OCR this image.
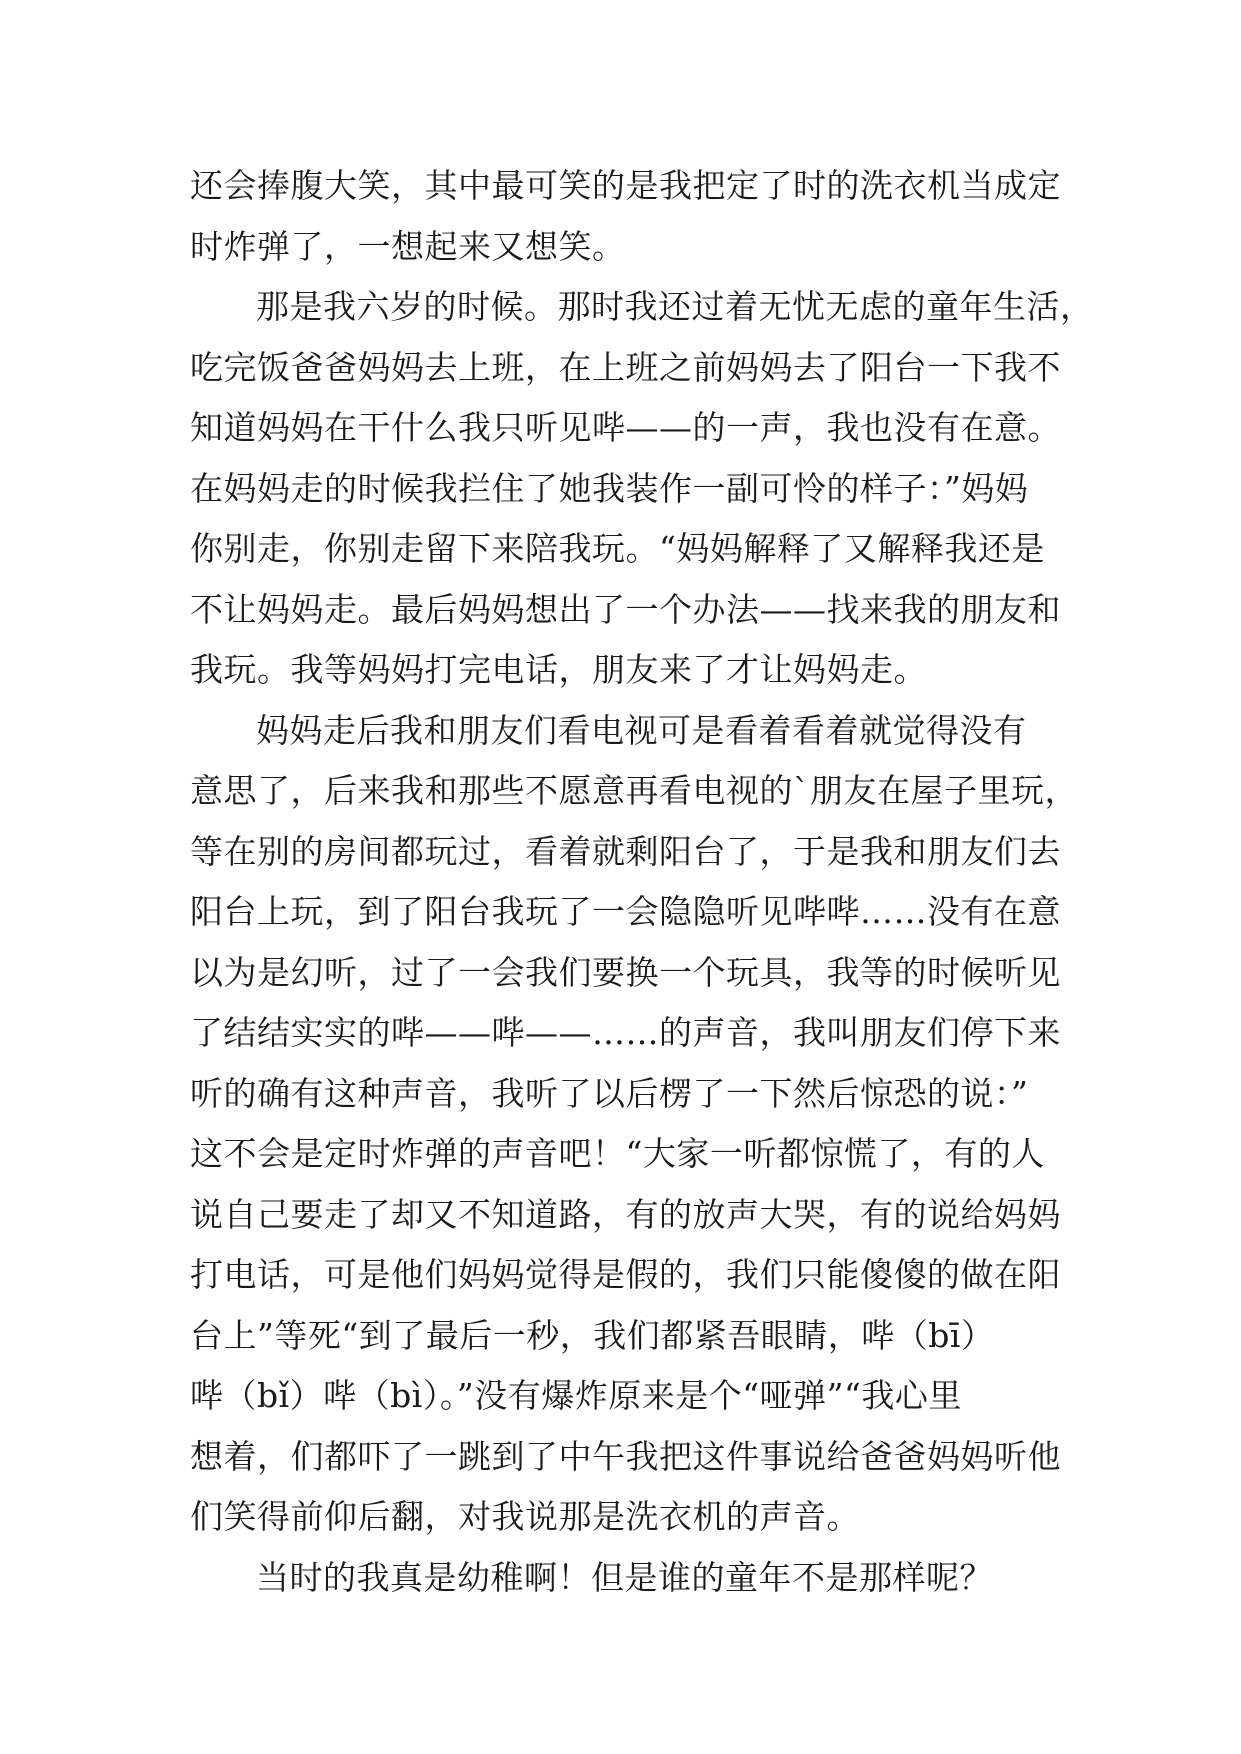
还会捧腹大笑，其中最可笑的是我把定了时的洗衣机当成定
时炸弹了，一想起来又想笑。
那是我六岁的时候。那时我还过着无忧无虑的童年生活，
吃完饭爸爸妈妈去上班，在上班之前妈妈去了阳台一下我不
知道妈妈在干什么我只听见哔——的一声，我也没有在意。
在妈妈走的时候我拦住了她我装作一副可怜的样子：”妈妈
你别走，你别走留下来陪我玩。“妈妈解释了又解释我还是
不让妈妈走。最后妈妈想出了一个办法——找来我的朋友和
我玩。我等妈妈打完电话，朋友来了才让妈妈走。
妈妈走后我和朋友们看电视可是看着看着就觉得没有
意思了，后来我和那些不愿意再看电视的`朋友在屋子里玩，
等在别的房间都玩过，看着就剩阳台了，于是我和朋友们去
阳台上玩，到了阳台我玩了一会隐隐听见哔哔……没有在意
以为是幻听，过了一会我们要换一个玩具，我等的时候听见
了结结实实的哔——哔——……的声音，我叫朋友们停下来
听的确有这种声音，我听了以后楞了一下然后惊恐的说：”
这不会是定时炸弹的声音吧！“大家一听都惊慌了，有的人
说自己要走了却又不知道路，有的放声大哭，有的说给妈妈
打电话，可是他们妈妈觉得是假的，我们只能傻傻的做在阳
台上”等死“到了最后一秒，我们都紧吾眼睛，哔（bī）
哔（bǐ）哔（bì）。”没有爆炸原来是个“哑弹”“我心里
想着，们都吓了一跳到了中午我把这件事说给爸爸妈妈听他
们笑得前仰后翻，对我说那是洗衣机的声音。
当时的我真是幼稚啊！但是谁的童年不是那样呢？
